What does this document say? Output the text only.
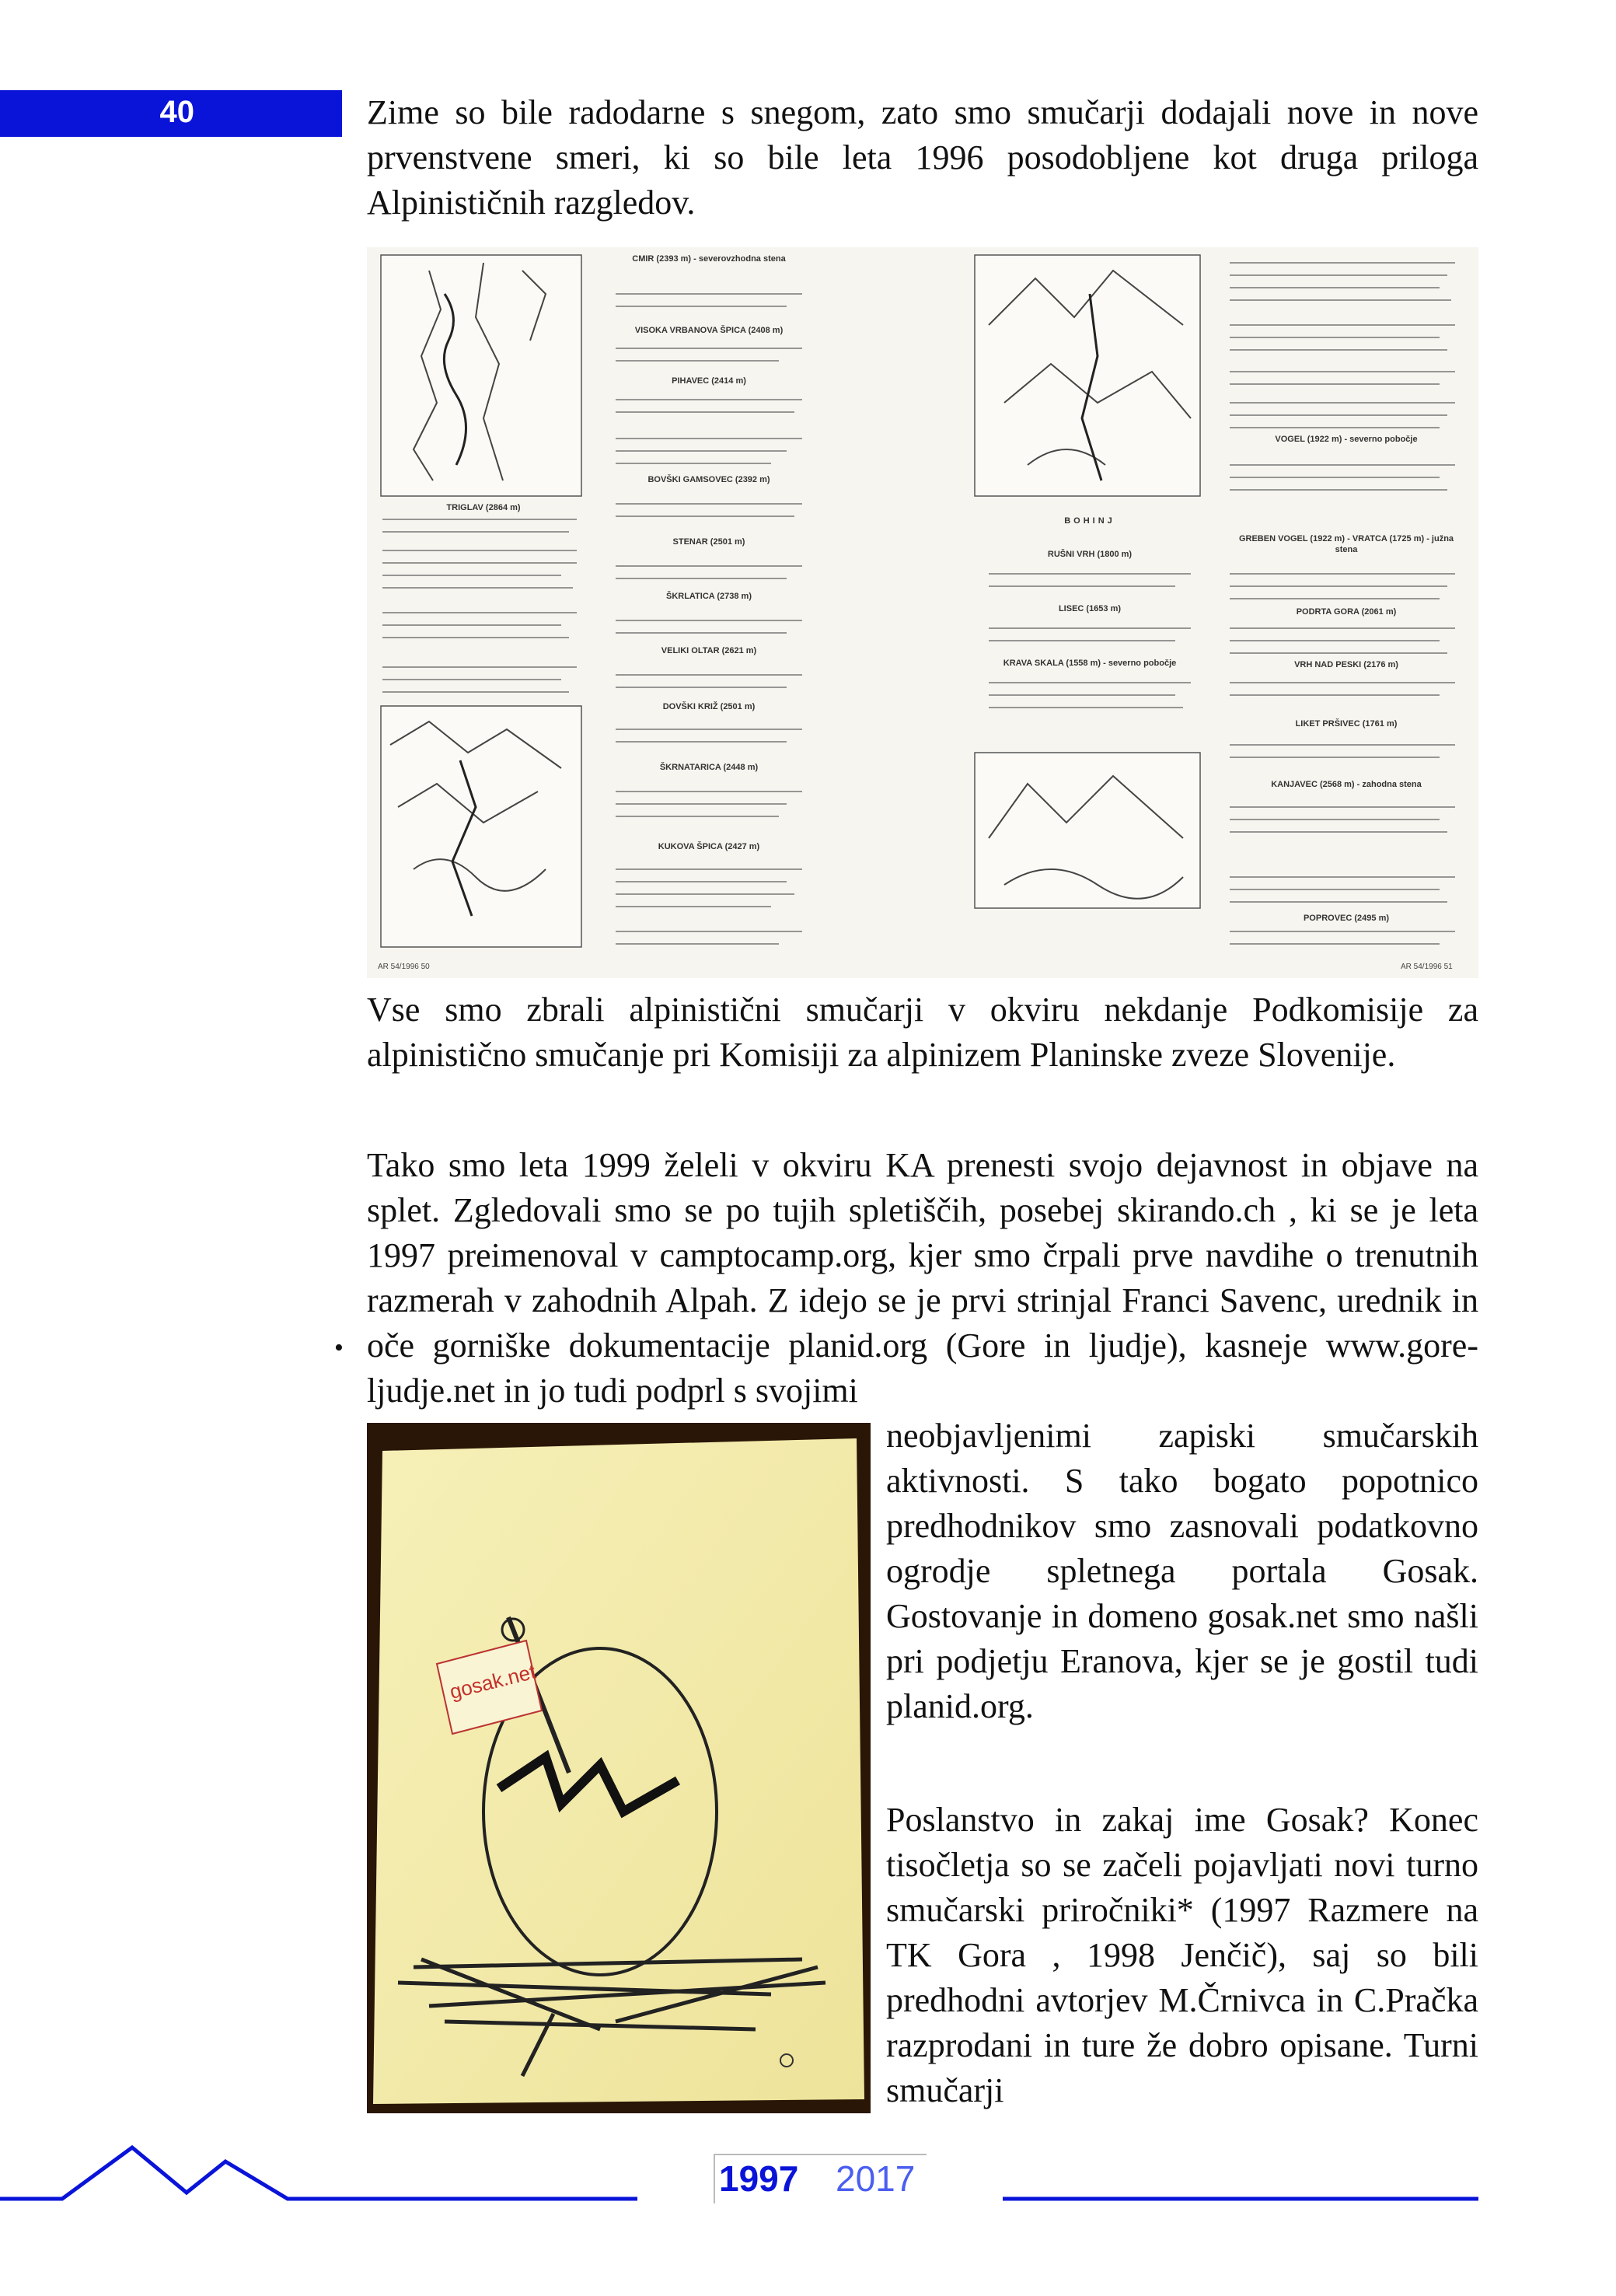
40	Zime so bile radodarne s snegom, zato smo smučarji dodajali nove in nove prvenstvene smeri, ki so bile leta 1996 posodobljene kot druga priloga Alpinističnih razgledov.

CMIR (2393 m) - severovzhodna stena
VISOKA VRBANOVA ŠPICA (2408 m)
PIHAVEC (2414 m)
BOVŠKI GAMSOVEC (2392 m)
TRIGLAV (2864 m)
STENAR (2501 m)
ŠKRLATICA (2738 m)
VELIKI OLTAR (2621 m)
DOVŠKI KRIŽ (2501 m)
ŠKRNATARICA (2448 m)
KUKOVA ŠPICA (2427 m)
VOGEL (1922 m) - severno pobočje
BOHINJ
RUŠNI VRH (1800 m)
LISEC (1653 m)
KRAVA SKALA (1558 m) - severno pobočje
GREBEN VOGEL (1922 m) - VRATCA (1725 m) - južna stena
PODRTA GORA (2061 m)
VRH NAD PESKI (2176 m)
LIKET PRŠIVEC (1761 m)
KANJAVEC (2568 m) - zahodna stena
POPROVEC (2495 m)
AR 54/1996 50	AR 54/1996 51

Vse smo zbrali alpinistični smučarji v okviru nekdanje Podkomisije za alpinistično smučanje pri Komisiji za alpinizem Planinske zveze Slovenije.

Tako smo leta 1999 želeli v okviru KA prenesti svojo dejavnost in objave na splet. Zgledovali smo se po tujih spletiščih, posebej skirando.ch , ki se je leta 1997 preimenoval v camptocamp.org, kjer smo črpali prve navdihe o trenutnih razmerah v zahodnih Alpah. Z idejo se je prvi strinjal Franci Savenc, urednik in oče gorniške dokumentacije planid.org (Gore in ljudje), kasneje www.gore-ljudje.net in jo tudi podprl s svojimi

•
gosak.net

neobjavljenimi zapiski smučarskih aktivnosti. S tako bogato popotnico predhodnikov smo zasnovali podatkovno ogrodje spletnega portala Gosak. Gostovanje in domeno gosak.net smo našli pri podjetju Eranova, kjer se je gostil tudi planid.org.

Poslanstvo in zakaj ime Gosak? Konec tisočletja so se začeli pojavljati novi turno smučarski priročniki* (1997 Razmere na TK Gora , 1998 Jenčič), saj so bili predhodni avtorjev M.Črnivca in C.Pračka razprodani in ture že dobro opisane. Turni smučarji

1997 2017
